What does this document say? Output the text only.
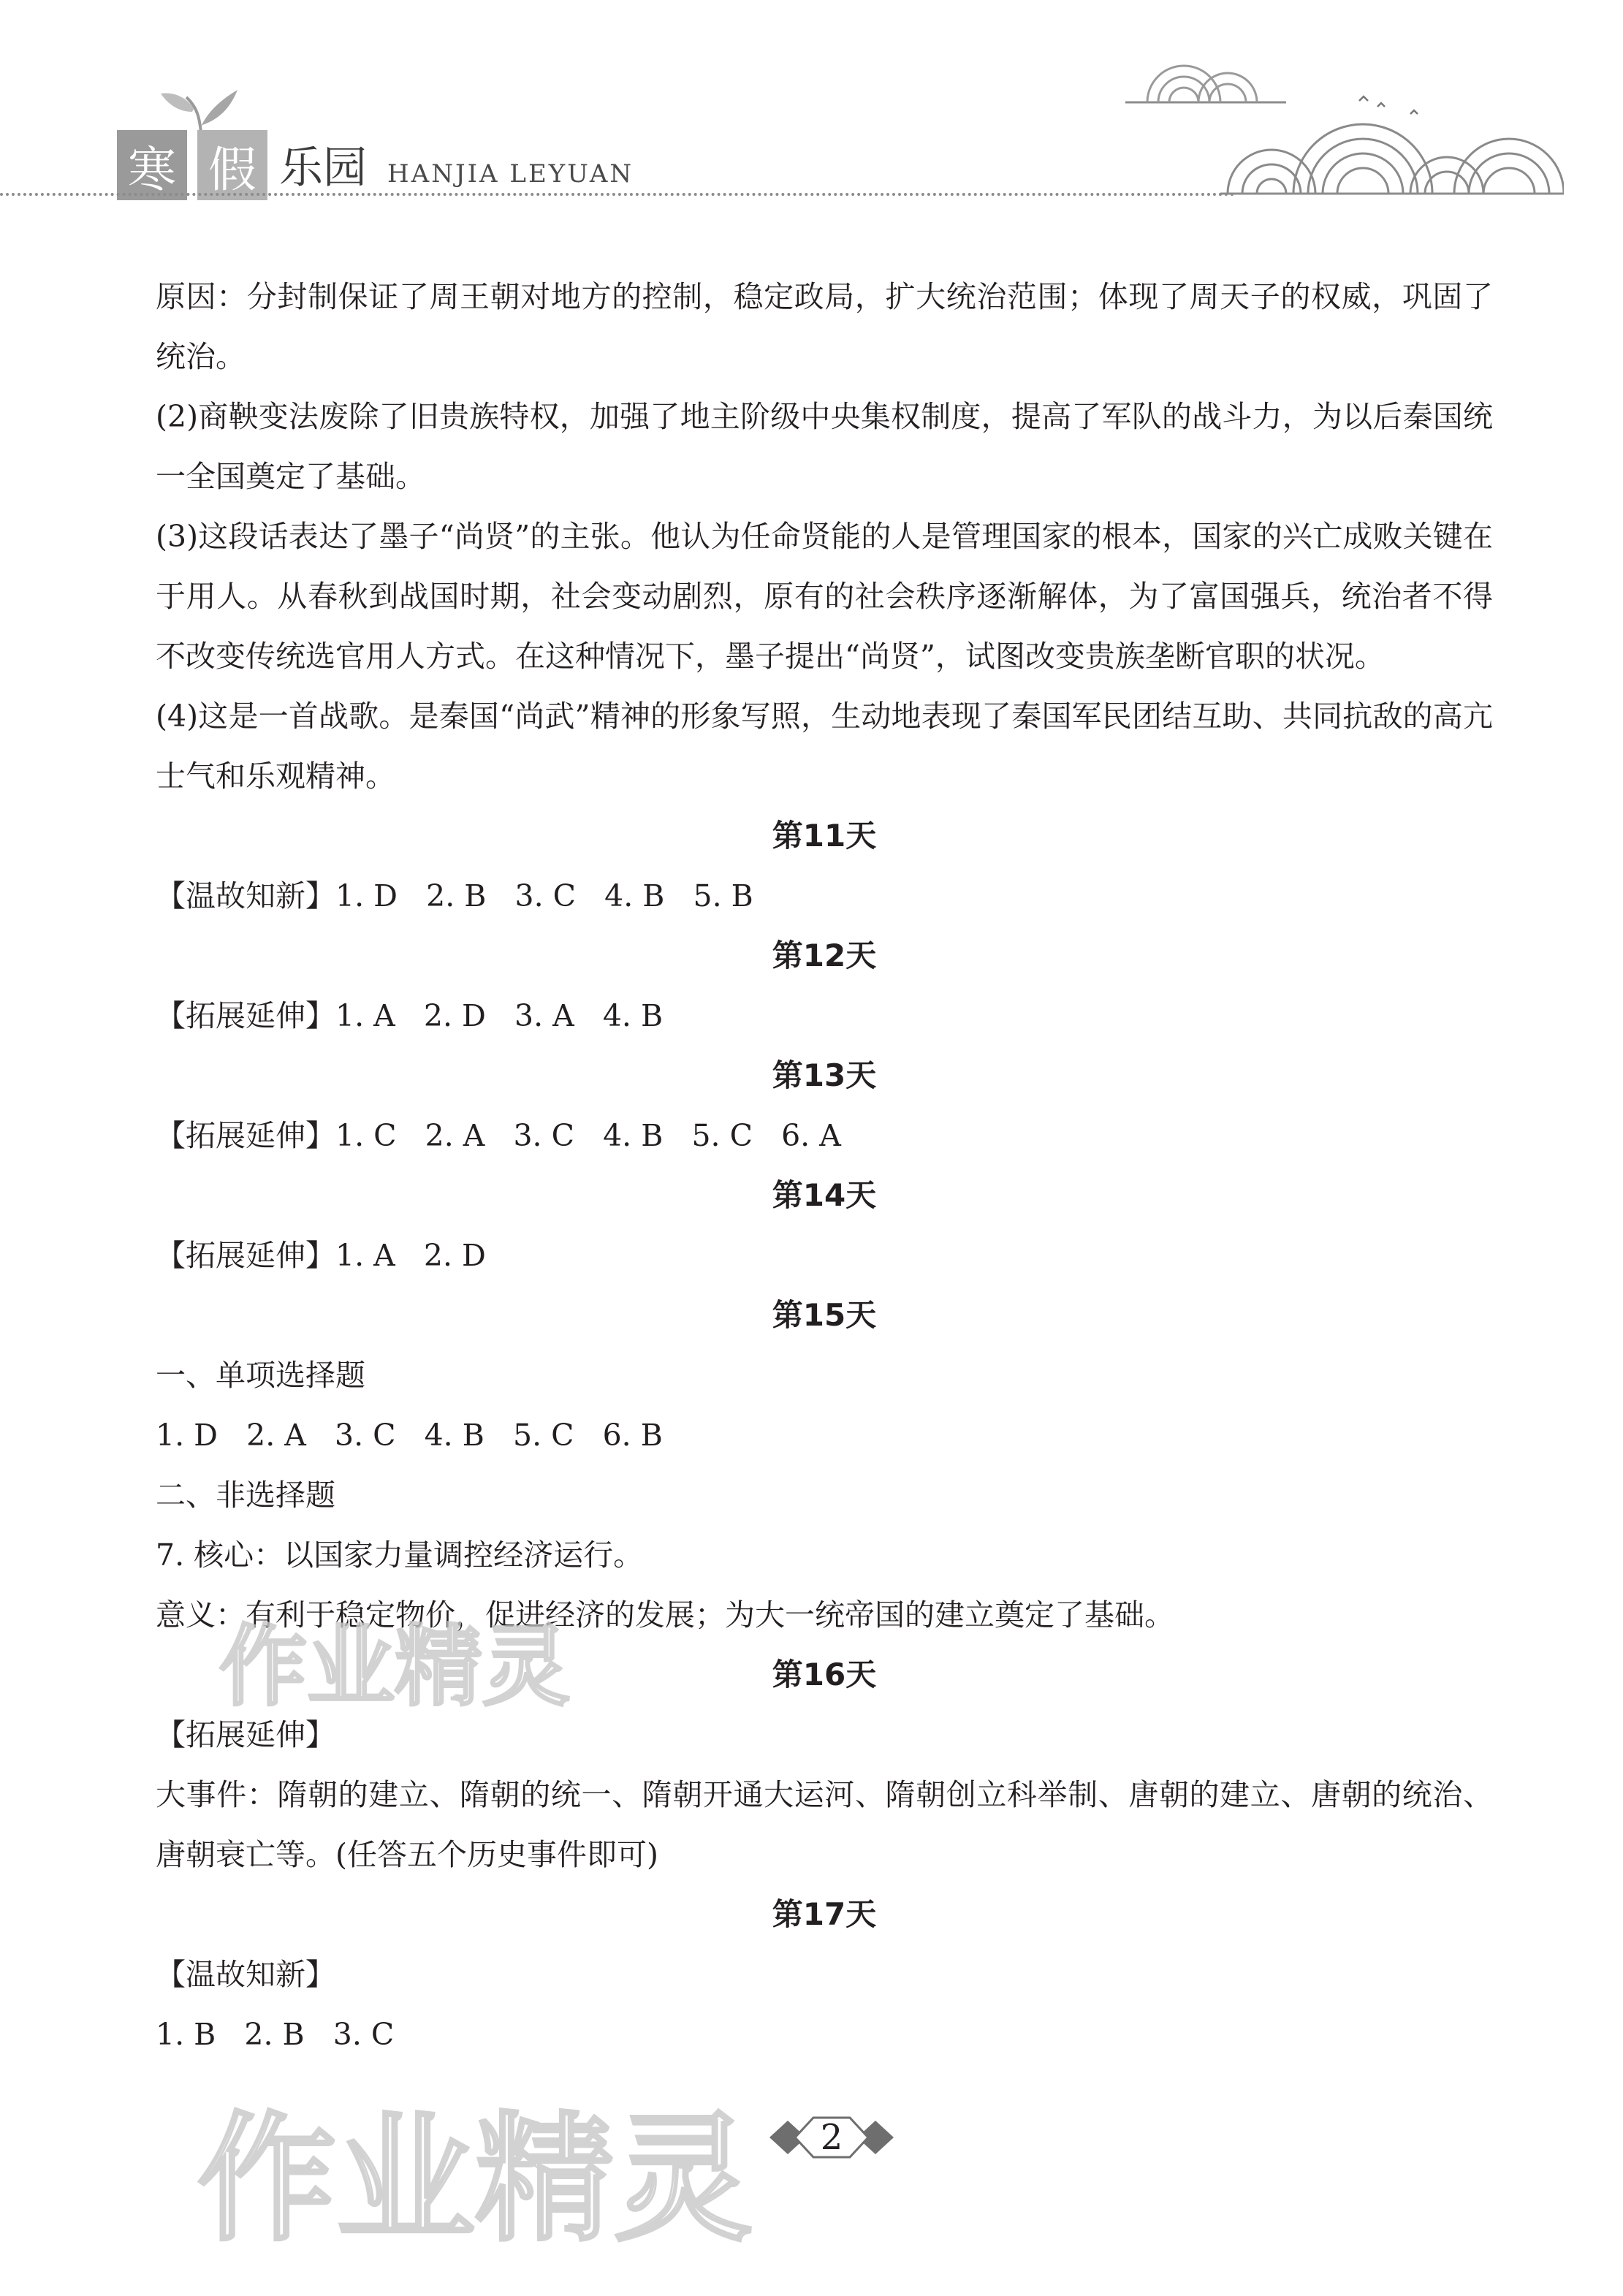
寒 假 乐园 HANJIA LEYUAN

原因：分封制保证了周王朝对地方的控制，稳定政局，扩大统治范围；体现了周天子的权威，巩固了统治。

(2)商鞅变法废除了旧贵族特权，加强了地主阶级中央集权制度，提高了军队的战斗力，为以后秦国统一全国奠定了基础。

(3)这段话表达了墨子“尚贤”的主张。他认为任命贤能的人是管理国家的根本，国家的兴亡成败关键在于用人。从春秋到战国时期，社会变动剧烈，原有的社会秩序逐渐解体，为了富国强兵，统治者不得不改变传统选官用人方式。在这种情况下，墨子提出“尚贤”，试图改变贵族垄断官职的状况。

(4)这是一首战歌。是秦国“尚武”精神的形象写照，生动地表现了秦国军民团结互助、共同抗敌的高亢士气和乐观精神。

第11天
【温故知新】1. D   2. B   3. C   4. B   5. B
第12天
【拓展延伸】1. A   2. D   3. A   4. B
第13天
【拓展延伸】1. C   2. A   3. C   4. B   5. C   6. A
第14天
【拓展延伸】1. A   2. D
第15天
一、单项选择题
1. D   2. A   3. C   4. B   5. C   6. B
二、非选择题
7. 核心：以国家力量调控经济运行。
意义：有利于稳定物价，促进经济的发展；为大一统帝国的建立奠定了基础。
第16天
【拓展延伸】

大事件：隋朝的建立、隋朝的统一、隋朝开通大运河、隋朝创立科举制、唐朝的建立、唐朝的统治、唐朝衰亡等。(任答五个历史事件即可)

第17天
【温故知新】
1. B   2. B   3. C
作业精灵
作业精灵	2
